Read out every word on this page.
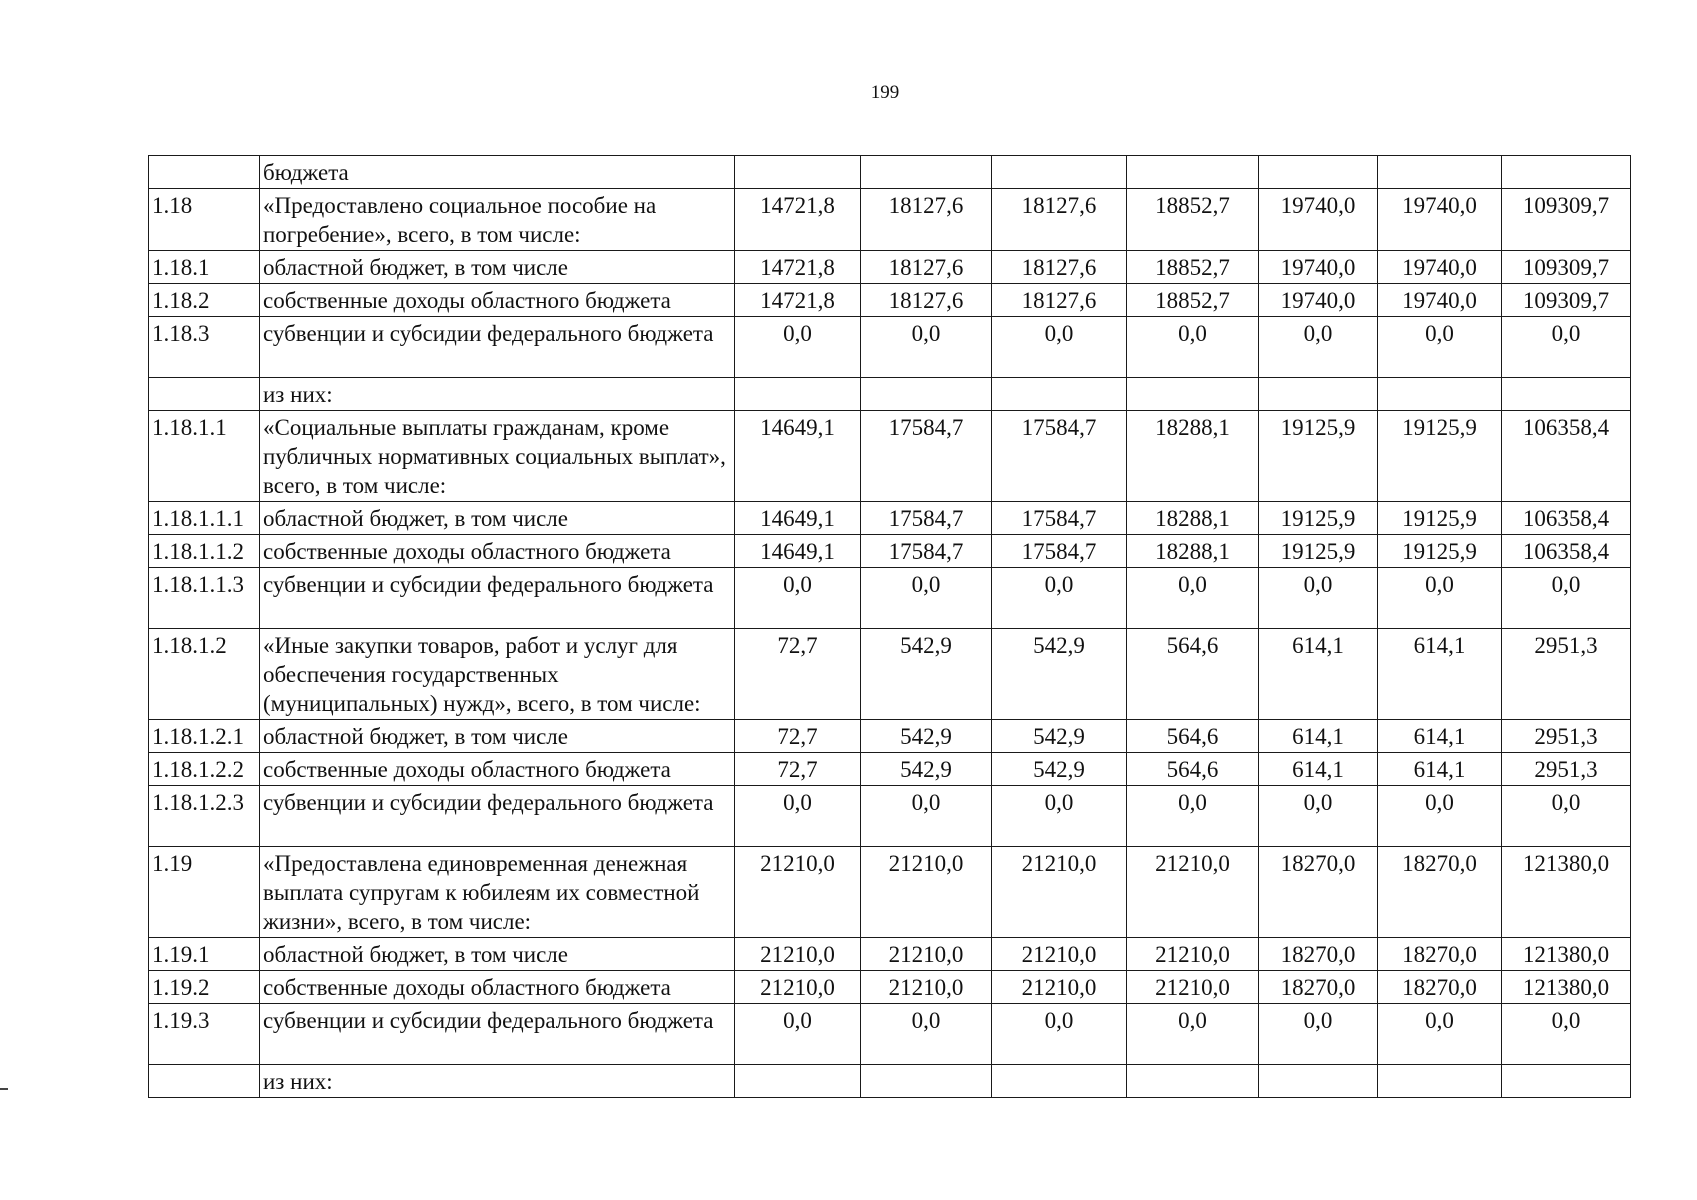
199
	бюджета							
1.18	«Предоставлено социальное пособие на погребение», всего, в том числе:	14721,8	18127,6	18127,6	18852,7	19740,0	19740,0	109309,7
1.18.1	областной бюджет, в том числе	14721,8	18127,6	18127,6	18852,7	19740,0	19740,0	109309,7
1.18.2	собственные доходы областного бюджета	14721,8	18127,6	18127,6	18852,7	19740,0	19740,0	109309,7
1.18.3	субвенции и субсидии федерального бюджета	0,0	0,0	0,0	0,0	0,0	0,0	0,0
	из них:							
1.18.1.1	«Социальные выплаты гражданам, кроме публичных нормативных социальных выплат», всего, в том числе:	14649,1	17584,7	17584,7	18288,1	19125,9	19125,9	106358,4
1.18.1.1.1	областной бюджет, в том числе	14649,1	17584,7	17584,7	18288,1	19125,9	19125,9	106358,4
1.18.1.1.2	собственные доходы областного бюджета	14649,1	17584,7	17584,7	18288,1	19125,9	19125,9	106358,4
1.18.1.1.3	субвенции и субсидии федерального бюджета	0,0	0,0	0,0	0,0	0,0	0,0	0,0
1.18.1.2	«Иные закупки товаров, работ и услуг для обеспечения государственных (муниципальных) нужд», всего, в том числе:	72,7	542,9	542,9	564,6	614,1	614,1	2951,3
1.18.1.2.1	областной бюджет, в том числе	72,7	542,9	542,9	564,6	614,1	614,1	2951,3
1.18.1.2.2	собственные доходы областного бюджета	72,7	542,9	542,9	564,6	614,1	614,1	2951,3
1.18.1.2.3	субвенции и субсидии федерального бюджета	0,0	0,0	0,0	0,0	0,0	0,0	0,0
1.19	«Предоставлена единовременная денежная выплата супругам к юбилеям их совместной жизни», всего, в том числе:	21210,0	21210,0	21210,0	21210,0	18270,0	18270,0	121380,0
1.19.1	областной бюджет, в том числе	21210,0	21210,0	21210,0	21210,0	18270,0	18270,0	121380,0
1.19.2	собственные доходы областного бюджета	21210,0	21210,0	21210,0	21210,0	18270,0	18270,0	121380,0
1.19.3	субвенции и субсидии федерального бюджета	0,0	0,0	0,0	0,0	0,0	0,0	0,0
	из них:							
